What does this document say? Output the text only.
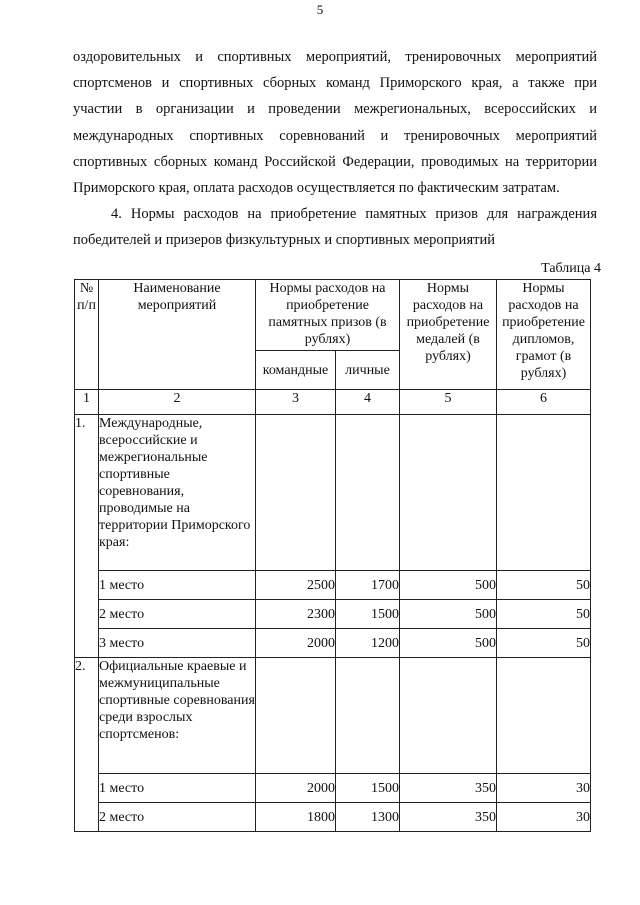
5
оздоровительных и спортивных мероприятий, тренировочных мероприятий
спортсменов и спортивных сборных команд Приморского края, а также при
участии в организации и проведении межрегиональных, всероссийских и
международных спортивных соревнований и тренировочных мероприятий
спортивных сборных команд Российской Федерации, проводимых на территории
Приморского края, оплата расходов осуществляется по фактическим затратам.
4. Нормы расходов на приобретение памятных призов для награждения
победителей и призеров физкультурных и спортивных мероприятий
Таблица 4
№ п/п	Наименование мероприятий	Нормы расходов на приобретение памятных призов (в рублях)		Нормы расходов на приобретение медалей (в рублях)	Нормы расходов на приобретение дипломов, грамот (в рублях)
		командные	личные		
1	2	3	4	5	6
1.	Международные, всероссийские и межрегиональные спортивные соревнования, проводимые на территории Приморского края:				
	1 место	2500	1700	500	50
	2 место	2300	1500	500	50
	3 место	2000	1200	500	50
2.	Официальные краевые и межмуниципальные спортивные соревнования среди взрослых спортсменов:				
	1 место	2000	1500	350	30
	2 место	1800	1300	350	30
